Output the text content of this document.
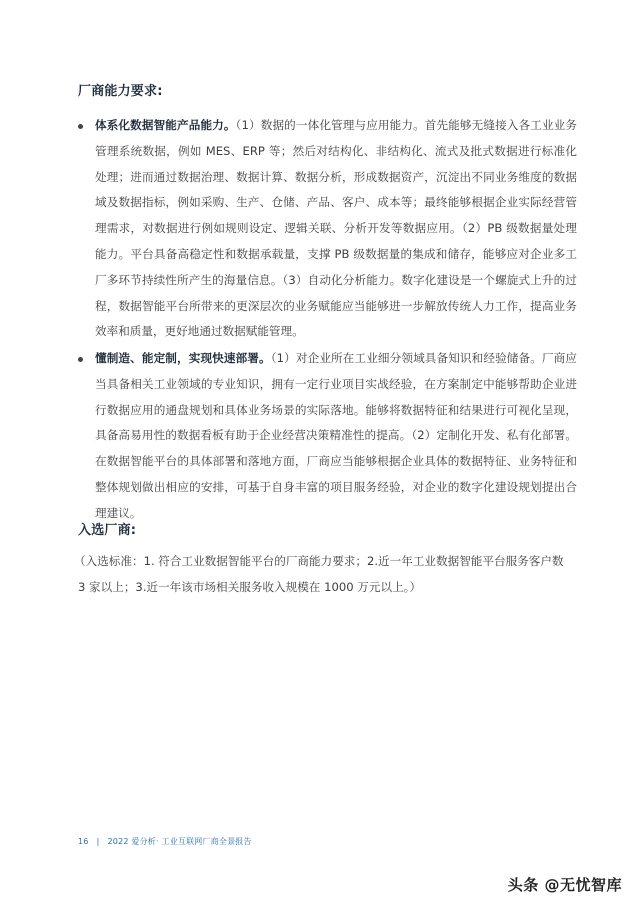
厂商能力要求:
体系化数据智能产品能力。（1）数据的一体化管理与应用能力。首先能够无缝接入各工业业务管理系统数据，例如 MES、ERP 等；然后对结构化、非结构化、流式及批式数据进行标准化处理；进而通过数据治理、数据计算、数据分析，形成数据资产，沉淀出不同业务维度的数据域及数据指标，例如采购、生产、仓储、产品、客户、成本等；最终能够根据企业实际经营管理需求，对数据进行例如规则设定、逻辑关联、分析开发等数据应用。（2）PB 级数据量处理能力。平台具备高稳定性和数据承载量，支撑 PB 级数据量的集成和储存，能够应对企业多工厂多环节持续性所产生的海量信息。（3）自动化分析能力。数字化建设是一个螺旋式上升的过程，数据智能平台所带来的更深层次的业务赋能应当能够进一步解放传统人力工作，提高业务效率和质量，更好地通过数据赋能管理。
懂制造、能定制，实现快速部署。（1）对企业所在工业细分领域具备知识和经验储备。厂商应当具备相关工业领域的专业知识，拥有一定行业项目实战经验，在方案制定中能够帮助企业进行数据应用的通盘规划和具体业务场景的实际落地。能够将数据特征和结果进行可视化呈现，具备高易用性的数据看板有助于企业经营决策精准性的提高。（2）定制化开发、私有化部署。在数据智能平台的具体部署和落地方面，厂商应当能够根据企业具体的数据特征、业务特征和整体规划做出相应的安排，可基于自身丰富的项目服务经验，对企业的数字化建设规划提出合理建议。
入选厂商:
（入选标准：1. 符合工业数据智能平台的厂商能力要求；2.近一年工业数据智能平台服务客户数 3 家以上；3.近一年该市场相关服务收入规模在 1000 万元以上。）
16 | 2022 爱分析· 工业互联网厂商全景报告
头条 @无忧智库
